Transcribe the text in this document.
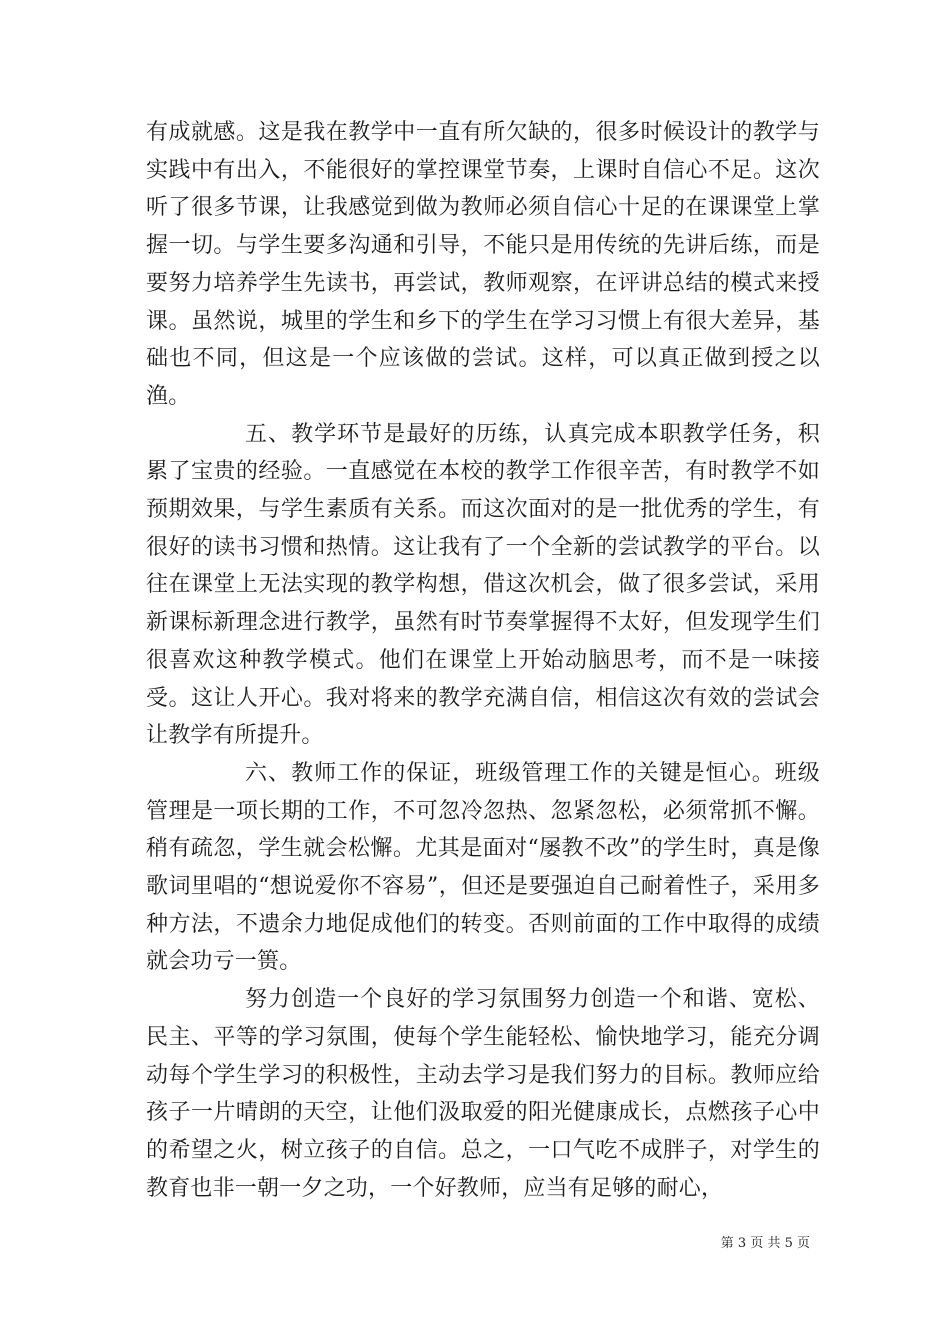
有成就感。这是我在教学中一直有所欠缺的，很多时候设计的教学与实践中有出入，不能很好的掌控课堂节奏，上课时自信心不足。这次听了很多节课，让我感觉到做为教师必须自信心十足的在课课堂上掌握一切。与学生要多沟通和引导，不能只是用传统的先讲后练，而是要努力培养学生先读书，再尝试，教师观察，在评讲总结的模式来授课。虽然说，城里的学生和乡下的学生在学习习惯上有很大差异，基础也不同，但这是一个应该做的尝试。这样，可以真正做到授之以渔。

五、教学环节是最好的历练，认真完成本职教学任务，积累了宝贵的经验。一直感觉在本校的教学工作很辛苦，有时教学不如预期效果，与学生素质有关系。而这次面对的是一批优秀的学生，有很好的读书习惯和热情。这让我有了一个全新的尝试教学的平台。以往在课堂上无法实现的教学构想，借这次机会，做了很多尝试，采用新课标新理念进行教学，虽然有时节奏掌握得不太好，但发现学生们很喜欢这种教学模式。他们在课堂上开始动脑思考，而不是一味接受。这让人开心。我对将来的教学充满自信，相信这次有效的尝试会让教学有所提升。

六、教师工作的保证，班级管理工作的关键是恒心。班级管理是一项长期的工作，不可忽冷忽热、忽紧忽松，必须常抓不懈。稍有疏忽，学生就会松懈。尤其是面对“屡教不改”的学生时，真是像歌词里唱的“想说爱你不容易”，但还是要强迫自己耐着性子，采用多种方法，不遗余力地促成他们的转变。否则前面的工作中取得的成绩就会功亏一篑。

努力创造一个良好的学习氛围努力创造一个和谐、宽松、民主、平等的学习氛围，使每个学生能轻松、愉快地学习，能充分调动每个学生学习的积极性，主动去学习是我们努力的目标。教师应给孩子一片晴朗的天空，让他们汲取爱的阳光健康成长，点燃孩子心中的希望之火，树立孩子的自信。总之，一口气吃不成胖子，对学生的教育也非一朝一夕之功，一个好教师，应当有足够的耐心，

第 3 页 共 5 页
